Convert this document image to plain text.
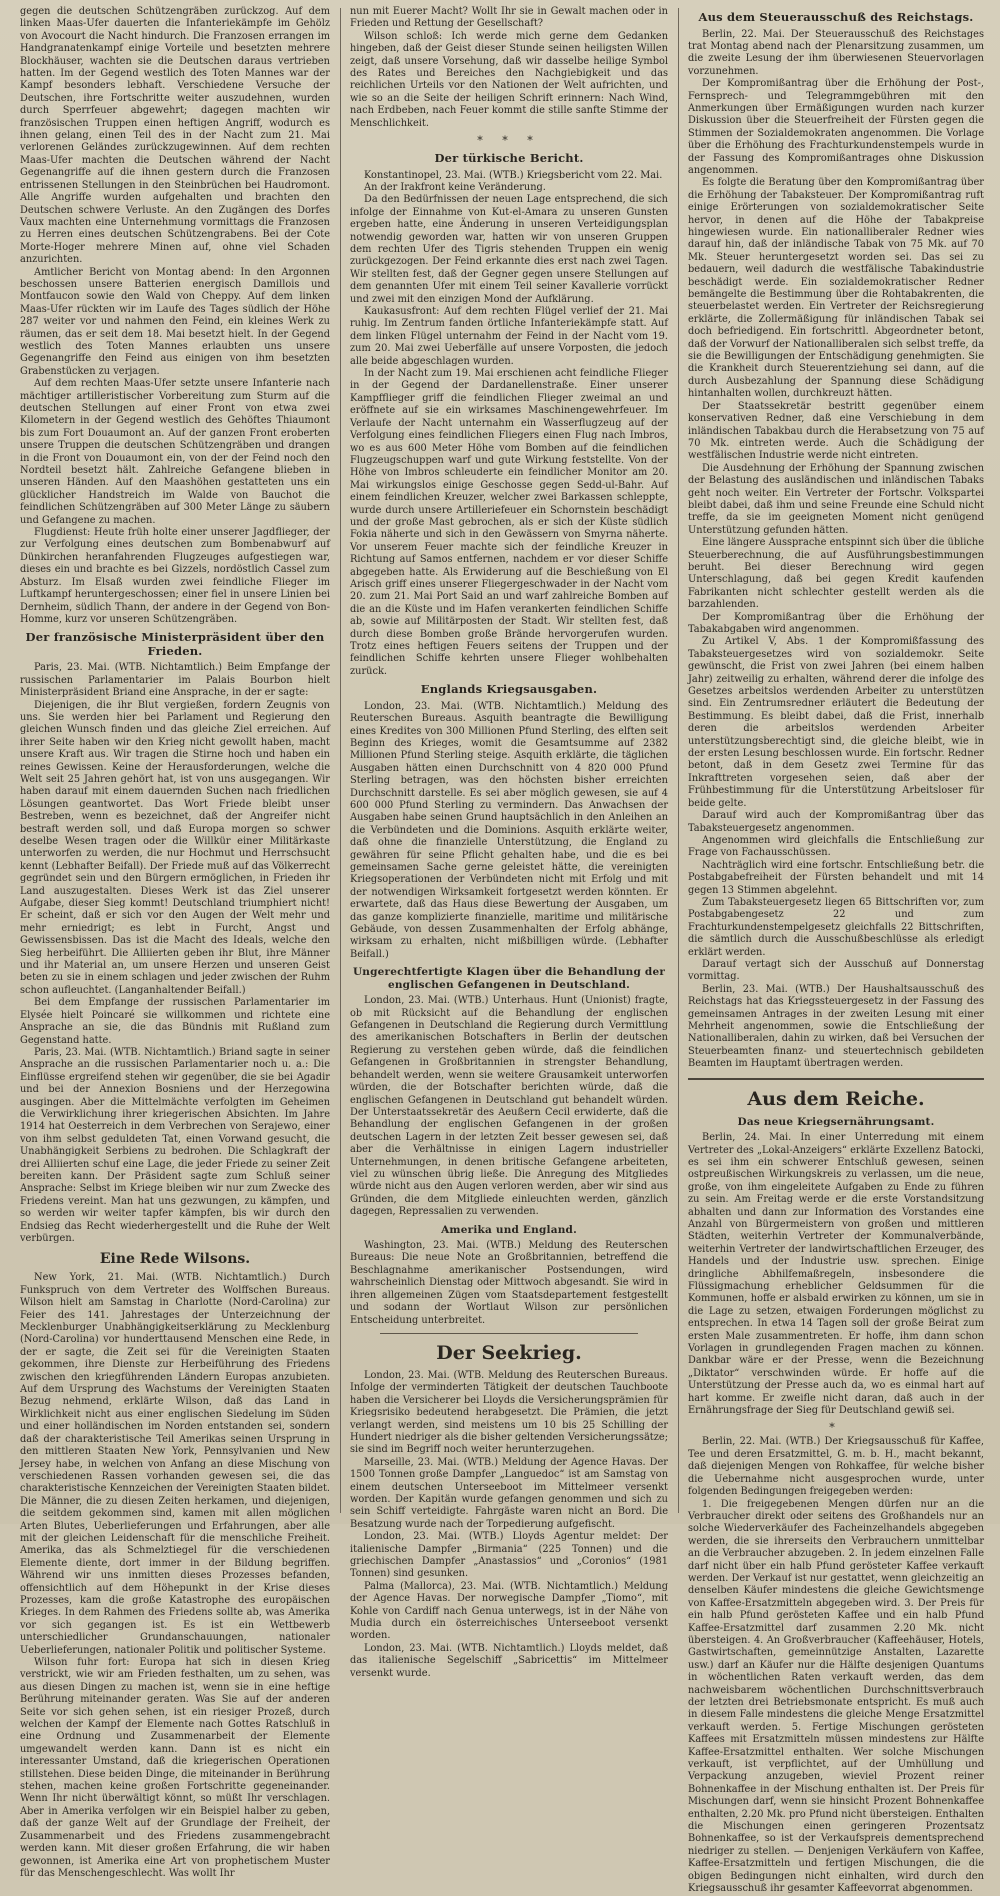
gegen die deutschen Schützengräben zurückzog. Auf dem linken Maas-Ufer dauerten die Infanteriekämpfe im Gehölz von Avocourt die Nacht hindurch. Die Franzosen errangen im Handgranatenkampf einige Vorteile und besetzten mehrere Blockhäuser, wachten sie die Deutschen daraus vertrieben hatten. Im der Gegend westlich des Toten Mannes war der Kampf besonders lebhaft. Verschiedene Versuche der Deutschen, ihre Fortschritte weiter auszudehnen, wurden durch Sperrfeuer abgewehrt; dagegen machten wir französischen Truppen einen heftigen Angriff, wodurch es ihnen gelang, einen Teil des in der Nacht zum 21. Mai verlorenen Geländes zurückzugewinnen. Auf dem rechten Maas-Ufer machten die Deutschen während der Nacht Gegenangriffe auf die ihnen gestern durch die Franzosen entrissenen Stellungen in den Steinbrüchen bei Haudromont. Alle Angriffe wurden aufgehalten und brachten den Deutschen schwere Verluste. An den Zugängen des Dorfes Vaux machten eine Unternehmung vormittags die Franzosen zu Herren eines deutschen Schützengrabens. Bei der Cote Morte-Hoger mehrere Minen auf, ohne viel Schaden anzurichten.

Amtlicher Bericht von Montag abend: In den Argonnen beschossen unsere Batterien energisch Damillois und Montfaucon sowie den Wald von Cheppy. Auf dem linken Maas-Ufer rückten wir im Laufe des Tages südlich der Höhe 287 weiter vor und nahmen den Feind, ein kleines Werk zu räumen, das er seit dem 18. Mai besetzt hielt. In der Gegend westlich des Toten Mannes erlaubten uns unsere Gegenangriffe den Feind aus einigen von ihm besetzten Grabenstücken zu verjagen.

Auf dem rechten Maas-Ufer setzte unsere Infanterie nach mächtiger artilleristischer Vorbereitung zum Sturm auf die deutschen Stellungen auf einer Front von etwa zwei Kilometern in der Gegend westlich des Gehöftes Thiaumont bis zum Fort Douaumont an. Auf der ganzen Front eroberten unsere Truppen die deutschen Schützengräben und drangen in die Front von Douaumont ein, von der der Feind noch den Nordteil besetzt hält. Zahlreiche Gefangene blieben in unseren Händen. Auf den Maashöhen gestatteten uns ein glücklicher Handstreich im Walde von Bauchot die feindlichen Schützengräben auf 300 Meter Länge zu säubern und Gefangene zu machen.

Flugdienst: Heute früh holte einer unserer Jagdflieger, der zur Verfolgung eines deutschen zum Bombenabwurf auf Dünkirchen heranfahrenden Flugzeuges aufgestiegen war, dieses ein und brachte es bei Gizzels, nordöstlich Cassel zum Absturz. Im Elsaß wurden zwei feindliche Flieger im Luftkampf heruntergeschossen; einer fiel in unsere Linien bei Dernheim, südlich Thann, der andere in der Gegend von Bon-Homme, kurz vor unseren Schützengräben.

Der französische Ministerpräsident über den Frieden.

Paris, 23. Mai. (WTB. Nichtamtlich.) Beim Empfange der russischen Parlamentarier im Palais Bourbon hielt Ministerpräsident Briand eine Ansprache, in der er sagte:

Diejenigen, die ihr Blut vergießen, fordern Zeugnis von uns. Sie werden hier bei Parlament und Regierung den gleichen Wunsch finden und das gleiche Ziel erreichen. Auf ihrer Seite haben wir den Krieg nicht gewollt haben, macht unsere Kraft aus. Wir tragen die Stirne hoch und haben ein reines Gewissen. Keine der Herausforderungen, welche die Welt seit 25 Jahren gehört hat, ist von uns ausgegangen. Wir haben darauf mit einem dauernden Suchen nach friedlichen Lösungen geantwortet. Das Wort Friede bleibt unser Bestreben, wenn es bezeichnet, daß der Angreifer nicht bestraft werden soll, und daß Europa morgen so schwer deselbe Wesen tragen oder die Willkür einer Militärkaste unterworfen zu werden, die nur Hochmut und Herrschsucht kennt (Lebhafter Beifall). Der Friede muß auf das Völkerrecht gegründet sein und den Bürgern ermöglichen, in Frieden ihr Land auszugestalten. Dieses Werk ist das Ziel unserer Aufgabe, dieser Sieg kommt! Deutschland triumphiert nicht! Er scheint, daß er sich vor den Augen der Welt mehr und mehr erniedrigt; es lebt in Furcht, Angst und Gewissensbissen. Das ist die Macht des Ideals, welche den Sieg herbeiführt. Die Alliierten geben ihr Blut, ihre Männer und ihr Material an, um unsere Herzen und unseren Geist beten zu sie in einem schlagen und jeder zwischen der Ruhm schon aufleuchtet. (Langanhaltender Beifall.)

Bei dem Empfange der russischen Parlamentarier im Elysée hielt Poincaré sie willkommen und richtete eine Ansprache an sie, die das Bündnis mit Rußland zum Gegenstand hatte.

Paris, 23. Mai. (WTB. Nichtamtlich.) Briand sagte in seiner Ansprache an die russischen Parlamentarier noch u. a.: Die Einflüsse ergreifend stehen wir gegenüber, die sie bei Agadir und bei der Annexion Bosniens und der Herzegowina ausgingen. Aber die Mittelmächte verfolgten im Geheimen die Verwirklichung ihrer kriegerischen Absichten. Im Jahre 1914 hat Oesterreich in dem Verbrechen von Serajewo, einer von ihm selbst geduldeten Tat, einen Vorwand gesucht, die Unabhängigkeit Serbiens zu bedrohen. Die Schlagkraft der drei Alliierten schuf eine Lage, die jeder Friede zu seiner Zeit bereiten kann. Der Präsident sagte zum Schluß seiner Ansprache: Selbst im Kriege bleiben wir nur zum Zwecke des Friedens vereint. Man hat uns gezwungen, zu kämpfen, und so werden wir weiter tapfer kämpfen, bis wir durch den Endsieg das Recht wiederhergestellt und die Ruhe der Welt verbürgen.

Eine Rede Wilsons.

New York, 21. Mai. (WTB. Nichtamtlich.) Durch Funkspruch von dem Vertreter des Wolffschen Bureaus. Wilson hielt am Samstag in Charlotte (Nord-Carolina) zur Feier des 141. Jahrestages der Unterzeichnung der Mecklenburger Unabhängigkeitserklärung zu Mecklenburg (Nord-Carolina) vor hunderttausend Menschen eine Rede, in der er sagte, die Zeit sei für die Vereinigten Staaten gekommen, ihre Dienste zur Herbeiführung des Friedens zwischen den kriegführenden Ländern Europas anzubieten. Auf dem Ursprung des Wachstums der Vereinigten Staaten Bezug nehmend, erklärte Wilson, daß das Land in Wirklichkeit nicht aus einer englischen Siedelung im Süden und einer holländischen im Norden entstanden sei, sondern daß der charakteristische Teil Amerikas seinen Ursprung in den mittleren Staaten New York, Pennsylvanien und New Jersey habe, in welchen von Anfang an diese Mischung von verschiedenen Rassen vorhanden gewesen sei, die das charakteristische Kennzeichen der Vereinigten Staaten bildet. Die Männer, die zu diesen Zeiten herkamen, und diejenigen, die seitdem gekommen sind, kamen mit allen möglichen Arten Blutes, Ueberlieferungen und Erfahrungen, aber alle mit der gleichen Leidenschaft für die menschliche Freiheit. Amerika, das als Schmelztiegel für die verschiedenen Elemente diente, dort immer in der Bildung begriffen. Während wir uns inmitten dieses Prozesses befanden, offensichtlich auf dem Höhepunkt in der Krise dieses Prozesses, kam die große Katastrophe des europäischen Krieges. In dem Rahmen des Friedens sollte ab, was Amerika vor sich gegangen ist. Es ist ein Wettbewerb unterschiedlicher Grundanschauungen, nationaler Ueberlieferungen, nationaler Politik und politischer Systeme.

Wilson fuhr fort: Europa hat sich in diesen Krieg verstrickt, wie wir am Frieden festhalten, um zu sehen, was aus diesen Dingen zu machen ist, wenn sie in eine heftige Berührung miteinander geraten. Was Sie auf der anderen Seite vor sich gehen sehen, ist ein riesiger Prozeß, durch welchen der Kampf der Elemente nach Gottes Ratschluß in eine Ordnung und Zusammenarbeit der Elemente umgewandelt werden kann. Dann ist es nicht ein interessanter Umstand, daß die kriegerischen Operationen stillstehen. Diese beiden Dinge, die miteinander in Berührung stehen, machen keine großen Fortschritte gegeneinander. Wenn Ihr nicht überwältigt könnt, so müßt Ihr verschlagen. Aber in Amerika verfolgen wir ein Beispiel halber zu geben, daß der ganze Welt auf der Grundlage der Freiheit, der Zusammenarbeit und des Friedens zusammengebracht werden kann. Mit dieser großen Erfahrung, die wir haben gewonnen, ist Amerika eine Art von prophetischem Muster für das Menschengeschlecht. Was wollt Ihr

nun mit Euerer Macht? Wollt Ihr sie in Gewalt machen oder in Frieden und Rettung der Gesellschaft?

Wilson schloß: Ich werde mich gerne dem Gedanken hingeben, daß der Geist dieser Stunde seinen heiligsten Willen zeigt, daß unsere Vorsehung, daß wir dasselbe heilige Symbol des Rates und Bereiches den Nachgiebigkeit und das reichlichen Urteils vor den Nationen der Welt aufrichten, und wie so an die Seite der heiligen Schrift erinnern: Nach Wind, nach Erdbeben, nach Feuer kommt die stille sanfte Stimme der Menschlichkeit.

* * *
Der türkische Bericht.

Konstantinopel, 23. Mai. (WTB.) Kriegsbericht vom 22. Mai.

An der Irakfront keine Veränderung.

Da den Bedürfnissen der neuen Lage entsprechend, die sich infolge der Einnahme von Kut-el-Amara zu unseren Gunsten ergeben hatte, eine Änderung in unseren Verteidigungsplan notwendig geworden war, hatten wir von unseren Gruppen dem rechten Ufer des Tigris stehenden Truppen ein wenig zurückgezogen. Der Feind erkannte dies erst nach zwei Tagen. Wir stellten fest, daß der Gegner gegen unsere Stellungen auf dem genannten Ufer mit einem Teil seiner Kavallerie vorrückt und zwei mit den einzigen Mond der Aufklärung.

Kaukasusfront: Auf dem rechten Flügel verlief der 21. Mai ruhig. Im Zentrum fanden örtliche Infanteriekämpfe statt. Auf dem linken Flügel unternahm der Feind in der Nacht vom 19. zum 20. Mai zwei Ueberfälle auf unsere Vorposten, die jedoch alle beide abgeschlagen wurden.

In der Nacht zum 19. Mai erschienen acht feindliche Flieger in der Gegend der Dardanellenstraße. Einer unserer Kampfflieger griff die feindlichen Flieger zweimal an und eröffnete auf sie ein wirksames Maschinengewehrfeuer. Im Verlaufe der Nacht unternahm ein Wasserflugzeug auf der Verfolgung eines feindlichen Fliegers einen Flug nach Imbros, wo es aus 600 Meter Höhe vom Bomben auf die feindlichen Flugzeugschuppen warf und gute Wirkung feststellte. Von der Höhe von Imbros schleuderte ein feindlicher Monitor am 20. Mai wirkungslos einige Geschosse gegen Sedd-ul-Bahr. Auf einem feindlichen Kreuzer, welcher zwei Barkassen schleppte, wurde durch unsere Artilleriefeuer ein Schornstein beschädigt und der große Mast gebrochen, als er sich der Küste südlich Fokia näherte und sich in den Gewässern von Smyrna näherte. Vor unserem Feuer machte sich der feindliche Kreuzer in Richtung auf Samos entfernen, nachdem er vor dieser Schiffe abgegeben hatte. Als Erwiderung auf die Beschießung von El Arisch griff eines unserer Fliegergeschwader in der Nacht vom 20. zum 21. Mai Port Said an und warf zahlreiche Bomben auf die an die Küste und im Hafen verankerten feindlichen Schiffe ab, sowie auf Militärposten der Stadt. Wir stellten fest, daß durch diese Bomben große Brände hervorgerufen wurden. Trotz eines heftigen Feuers seitens der Truppen und der feindlichen Schiffe kehrten unsere Flieger wohlbehalten zurück.

Englands Kriegsausgaben.

London, 23. Mai. (WTB. Nichtamtlich.) Meldung des Reuterschen Bureaus. Asquith beantragte die Bewilligung eines Kredites von 300 Millionen Pfund Sterling, des elften seit Beginn des Krieges, womit die Gesamtsumme auf 2382 Millionen Pfund Sterling steige. Asquith erklärte, die täglichen Ausgaben hätten einen Durchschnitt von 4 820 000 Pfund Sterling betragen, was den höchsten bisher erreichten Durchschnitt darstelle. Es sei aber möglich gewesen, sie auf 4 600 000 Pfund Sterling zu vermindern. Das Anwachsen der Ausgaben habe seinen Grund hauptsächlich in den Anleihen an die Verbündeten und die Dominions. Asquith erklärte weiter, daß ohne die finanzielle Unterstützung, die England zu gewähren für seine Pflicht gehalten habe, und die es bei gemeinsamen Sache gerne geleistet hätte, die vereinigten Kriegsoperationen der Verbündeten nicht mit Erfolg und mit der notwendigen Wirksamkeit fortgesetzt werden könnten. Er erwartete, daß das Haus diese Bewertung der Ausgaben, um das ganze komplizierte finanzielle, maritime und militärische Gebäude, von dessen Zusammenhalten der Erfolg abhänge, wirksam zu erhalten, nicht mißbilligen würde. (Lebhafter Beifall.)

Ungerechtfertigte Klagen über die Behandlung der englischen Gefangenen in Deutschland.

London, 23. Mai. (WTB.) Unterhaus. Hunt (Unionist) fragte, ob mit Rücksicht auf die Behandlung der englischen Gefangenen in Deutschland die Regierung durch Vermittlung des amerikanischen Botschafters in Berlin der deutschen Regierung zu verstehen geben würde, daß die feindlichen Gefangenen in Großbritannien in strengster Behandlung, behandelt werden, wenn sie weitere Grausamkeit unterworfen würden, die der Botschafter berichten würde, daß die englischen Gefangenen in Deutschland gut behandelt würden. Der Unterstaatssekretär des Aeußern Cecil erwiderte, daß die Behandlung der englischen Gefangenen in der großen deutschen Lagern in der letzten Zeit besser gewesen sei, daß aber die Verhältnisse in einigen Lagern industrieller Unternehmungen, in denen britische Gefangene arbeiteten, viel zu wünschen übrig ließe. Die Anregung des Mitgliedes würde nicht aus den Augen verloren werden, aber wir sind aus Gründen, die dem Mitgliede einleuchten werden, gänzlich dagegen, Repressalien zu verwenden.

Amerika und England.

Washington, 23. Mai. (WTB.) Meldung des Reuterschen Bureaus: Die neue Note an Großbritannien, betreffend die Beschlagnahme amerikanischer Postsendungen, wird wahrscheinlich Dienstag oder Mittwoch abgesandt. Sie wird in ihren allgemeinen Zügen vom Staatsdepartement festgestellt und sodann der Wortlaut Wilson zur persönlichen Entscheidung unterbreitet.

Der Seekrieg.

London, 23. Mai. (WTB. Meldung des Reuterschen Bureaus. Infolge der verminderten Tätigkeit der deutschen Tauchboote haben die Versicherer bei Lloyds die Versicherungsprämien für Kriegsrisiko bedeutend herabgesetzt. Die Prämien, die jetzt verlangt werden, sind meistens um 10 bis 25 Schilling der Hundert niedriger als die bisher geltenden Versicherungssätze; sie sind im Begriff noch weiter herunterzugehen.

Marseille, 23. Mai. (WTB.) Meldung der Agence Havas. Der 1500 Tonnen große Dampfer „Languedoc“ ist am Samstag von einem deutschen Unterseeboot im Mittelmeer versenkt worden. Der Kapitän wurde gefangen genommen und sich zu sein Schiff verteidigte. Fahrgäste waren nicht an Bord. Die Besatzung wurde nach der Torpedierung aufgefischt.

London, 23. Mai. (WTB.) Lloyds Agentur meldet: Der italienische Dampfer „Birmania“ (225 Tonnen) und die griechischen Dampfer „Anastassios“ und „Coronios“ (1981 Tonnen) sind gesunken.

Palma (Mallorca), 23. Mai. (WTB. Nichtamtlich.) Meldung der Agence Havas. Der norwegische Dampfer „Tiomo“, mit Kohle von Cardiff nach Genua unterwegs, ist in der Nähe von Mudia durch ein österreichisches Unterseeboot versenkt worden.

London, 23. Mai. (WTB. Nichtamtlich.) Lloyds meldet, daß das italienische Segelschiff „Sabricettis“ im Mittelmeer versenkt wurde.

Aus dem Steuerausschuß des Reichstags.

Berlin, 22. Mai. Der Steuerausschuß des Reichstages trat Montag abend nach der Plenarsitzung zusammen, um die zweite Lesung der ihm überwiesenen Steuervorlagen vorzunehmen.

Der Kompromißantrag über die Erhöhung der Post-, Fernsprech- und Telegrammgebühren mit den Anmerkungen über Ermäßigungen wurden nach kurzer Diskussion über die Steuerfreiheit der Fürsten gegen die Stimmen der Sozialdemokraten angenommen. Die Vorlage über die Erhöhung des Frachturkundenstempels wurde in der Fassung des Kompromißantrages ohne Diskussion angenommen.

Es folgte die Beratung über den Kompromißantrag über die Erhöhung der Tabaksteuer. Der Kompromißantrag ruft einige Erörterungen von sozialdemokratischer Seite hervor, in denen auf die Höhe der Tabakpreise hingewiesen wurde. Ein nationalliberaler Redner wies darauf hin, daß der inländische Tabak von 75 Mk. auf 70 Mk. Steuer heruntergesetzt worden sei. Das sei zu bedauern, weil dadurch die westfälische Tabakindustrie beschädigt werde. Ein sozialdemokratischer Redner bemängelte die Bestimmung über die Rohtabakrenten, die steuerbelastet werden. Ein Vertreter der Reichsregierung erklärte, die Zollermäßigung für inländischen Tabak sei doch befriedigend. Ein fortschrittl. Abgeordneter betont, daß der Vorwurf der Nationalliberalen sich selbst treffe, da sie die Bewilligungen der Entschädigung genehmigten. Sie die Krankheit durch Steuerentziehung sei dann, auf die durch Ausbezahlung der Spannung diese Schädigung hintanhalten wollen, durchkreuzt hätten.

Der Staatssekretär bestritt gegenüber einem konservativen Redner, daß eine Verschiebung in dem inländischen Tabakbau durch die Herabsetzung von 75 auf 70 Mk. eintreten werde. Auch die Schädigung der westfälischen Industrie werde nicht eintreten.

Die Ausdehnung der Erhöhung der Spannung zwischen der Belastung des ausländischen und inländischen Tabaks geht noch weiter. Ein Vertreter der Fortschr. Volkspartei bleibt dabei, daß ihm und seine Freunde eine Schuld nicht treffe, da sie im geeigneten Moment nicht genügend Unterstützung gefunden hätten.

Eine längere Aussprache entspinnt sich über die übliche Steuerberechnung, die auf Ausführungsbestimmungen beruht. Bei dieser Berechnung wird gegen Unterschlagung, daß bei gegen Kredit kaufenden Fabrikanten nicht schlechter gestellt werden als die barzahlenden.

Der Kompromißantrag über die Erhöhung der Tabakabgaben wird angenommen.

Zu Artikel V, Abs. 1 der Kompromißfassung des Tabaksteuergesetzes wird von sozialdemokr. Seite gewünscht, die Frist von zwei Jahren (bei einem halben Jahr) zeitweilig zu erhalten, während derer die infolge des Gesetzes arbeitslos werdenden Arbeiter zu unterstützen sind. Ein Zentrumsredner erläutert die Bedeutung der Bestimmung. Es bleibt dabei, daß die Frist, innerhalb deren die arbeitslos werdenden Arbeiter unterstützungsberechtigt sind, die gleiche bleibt, wie in der ersten Lesung beschlossen wurde. Ein fortschr. Redner betont, daß in dem Gesetz zwei Termine für das Inkrafttreten vorgesehen seien, daß aber der Frühbestimmung für die Unterstützung Arbeitsloser für beide gelte.

Darauf wird auch der Kompromißantrag über das Tabaksteuergesetz angenommen.

Angenommen wird gleichfalls die Entschließung zur Frage von Fachausschüssen.

Nachträglich wird eine fortschr. Entschließung betr. die Postabgabefreiheit der Fürsten behandelt und mit 14 gegen 13 Stimmen abgelehnt.

Zum Tabaksteuergesetz liegen 65 Bittschriften vor, zum Postabgabengesetz 22 und zum Frachturkundenstempelgesetz gleichfalls 22 Bittschriften, die sämtlich durch die Ausschußbeschlüsse als erledigt erklärt werden.

Darauf vertagt sich der Ausschuß auf Donnerstag vormittag.

Berlin, 23. Mai. (WTB.) Der Haushaltsausschuß des Reichstags hat das Kriegssteuergesetz in der Fassung des gemeinsamen Antrages in der zweiten Lesung mit einer Mehrheit angenommen, sowie die Entschließung der Nationalliberalen, dahin zu wirken, daß bei Versuchen der Steuerbeamten finanz- und steuertechnisch gebildeten Beamten im Hauptamt übertragen werden.

Aus dem Reiche.
Das neue Kriegsernährungsamt.

Berlin, 24. Mai. In einer Unterredung mit einem Vertreter des „Lokal-Anzeigers“ erklärte Exzellenz Batocki, es sei ihm ein schwerer Entschluß gewesen, seinen ostpreußischen Wirkungskreis zu verlassen, um die neue, große, von ihm eingeleitete Aufgaben zu Ende zu führen zu sein. Am Freitag werde er die erste Vorstandsitzung abhalten und dann zur Information des Vorstandes eine Anzahl von Bürgermeistern von großen und mittleren Städten, weiterhin Vertreter der Kommunalverbände, weiterhin Vertreter der landwirtschaftlichen Erzeuger, des Handels und der Industrie usw. sprechen. Einige dringliche Abhilfemaßregeln, insbesondere die Flüssigmachung erheblicher Geldsummen für die Kommunen, hoffe er alsbald erwirken zu können, um sie in die Lage zu setzen, etwaigen Forderungen möglichst zu entsprechen. In etwa 14 Tagen soll der große Beirat zum ersten Male zusammentreten. Er hoffe, ihm dann schon Vorlagen in grundlegenden Fragen machen zu können. Dankbar wäre er der Presse, wenn die Bezeichnung „Diktator“ verschwinden würde. Er hoffe auf die Unterstützung der Presse auch da, wo es einmal hart auf hart komme. Er zweifle nicht daran, daß auch in der Ernährungsfrage der Sieg für Deutschland gewiß sei.

*

Berlin, 22. Mai. (WTB.) Der Kriegsausschuß für Kaffee, Tee und deren Ersatzmittel, G. m. b. H., macht bekannt, daß diejenigen Mengen von Rohkaffee, für welche bisher die Uebernahme nicht ausgesprochen wurde, unter folgenden Bedingungen freigegeben werden:

1. Die freigegebenen Mengen dürfen nur an die Verbraucher direkt oder seitens des Großhandels nur an solche Wiederverkäufer des Facheinzelhandels abgegeben werden, die sie ihrerseits den Verbrauchern unmittelbar an die Verbraucher abzugeben. 2. In jedem einzelnen Falle darf nicht über ein halb Pfund gerösteter Kaffee verkauft werden. Der Verkauf ist nur gestattet, wenn gleichzeitig an denselben Käufer mindestens die gleiche Gewichtsmenge von Kaffee-Ersatzmitteln abgegeben wird. 3. Der Preis für ein halb Pfund gerösteten Kaffee und ein halb Pfund Kaffee-Ersatzmittel darf zusammen 2.20 Mk. nicht übersteigen. 4. An Großverbraucher (Kaffeehäuser, Hotels, Gastwirtschaften, gemeinnützige Anstalten, Lazarette usw.) darf an Käufer nur die Hälfte desjenigen Quantums in wöchentlichen Raten verkauft werden, das dem nachweisbarem wöchentlichen Durchschnittsverbrauch der letzten drei Betriebsmonate entspricht. Es muß auch in diesem Falle mindestens die gleiche Menge Ersatzmittel verkauft werden. 5. Fertige Mischungen gerösteten Kaffees mit Ersatzmitteln müssen mindestens zur Hälfte Kaffee-Ersatzmittel enthalten. Wer solche Mischungen verkauft, ist verpflichtet, auf der Umhüllung und Verpackung anzugeben, wieviel Prozent reiner Bohnenkaffee in der Mischung enthalten ist. Der Preis für Mischungen darf, wenn sie hinsicht Prozent Bohnenkaffee enthalten, 2.20 Mk. pro Pfund nicht übersteigen. Enthalten die Mischungen einen geringeren Prozentsatz Bohnenkaffee, so ist der Verkaufspreis dementsprechend niedriger zu stellen. — Denjenigen Verkäufern von Kaffee, Kaffee-Ersatzmitteln und fertigen Mischungen, die die obigen Bedingungen nicht einhalten, wird durch den Kriegsausschuß ihr gesamter Kaffeevorrat abgenommen.
